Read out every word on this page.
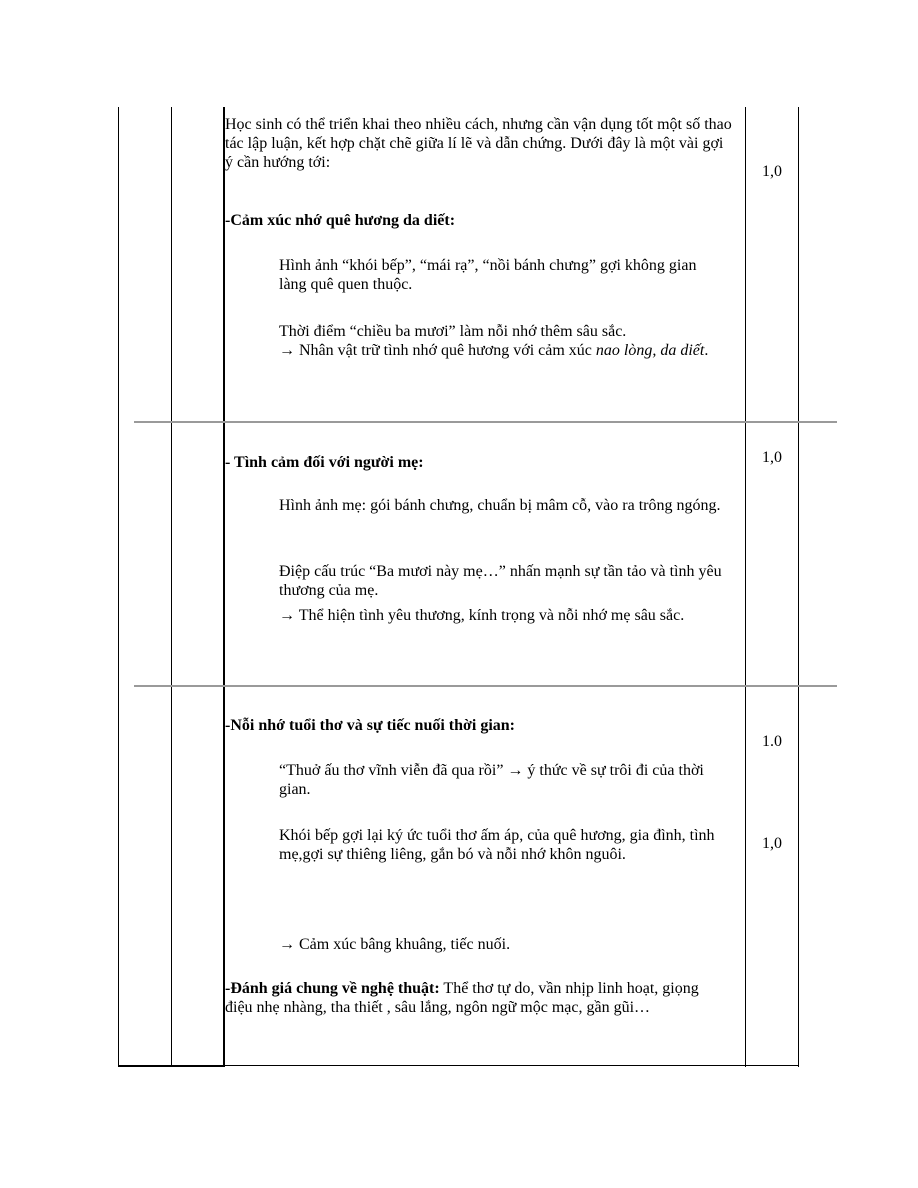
Học sinh có thể triển khai theo nhiều cách, nhưng cần vận dụng tốt một số thao tác lập luận, kết hợp chặt chẽ giữa lí lẽ và dẫn chứng. Dưới đây là một vài gợi ý cần hướng tới:
-Cảm xúc nhớ quê hương da diết:
Hình ảnh “khói bếp”, “mái rạ”, “nồi bánh chưng” gợi không gian làng quê quen thuộc.
Thời điểm “chiều ba mươi” làm nỗi nhớ thêm sâu sắc.
→ Nhân vật trữ tình nhớ quê hương với cảm xúc nao lòng, da diết.
1,0
- Tình cảm đối với người mẹ:
Hình ảnh mẹ: gói bánh chưng, chuẩn bị mâm cỗ, vào ra trông ngóng.
Điệp cấu trúc “Ba mươi này mẹ…” nhấn mạnh sự tần tảo và tình yêu thương của mẹ.
→ Thể hiện tình yêu thương, kính trọng và nỗi nhớ mẹ sâu sắc.
1,0
-Nỗi nhớ tuổi thơ và sự tiếc nuối thời gian:
“Thuở ấu thơ vĩnh viễn đã qua rồi” → ý thức về sự trôi đi của thời gian.
Khói bếp gợi lại ký ức tuổi thơ ấm áp, của quê hương, gia đình, tình mẹ,gợi sự thiêng liêng, gắn bó và nỗi nhớ khôn nguôi.
→ Cảm xúc bâng khuâng, tiếc nuối.
-Đánh giá chung về nghệ thuật: Thể thơ tự do, vần nhịp linh hoạt, giọng điệu nhẹ nhàng, tha thiết , sâu lắng, ngôn ngữ mộc mạc, gần gũi…
1.0
1,0
